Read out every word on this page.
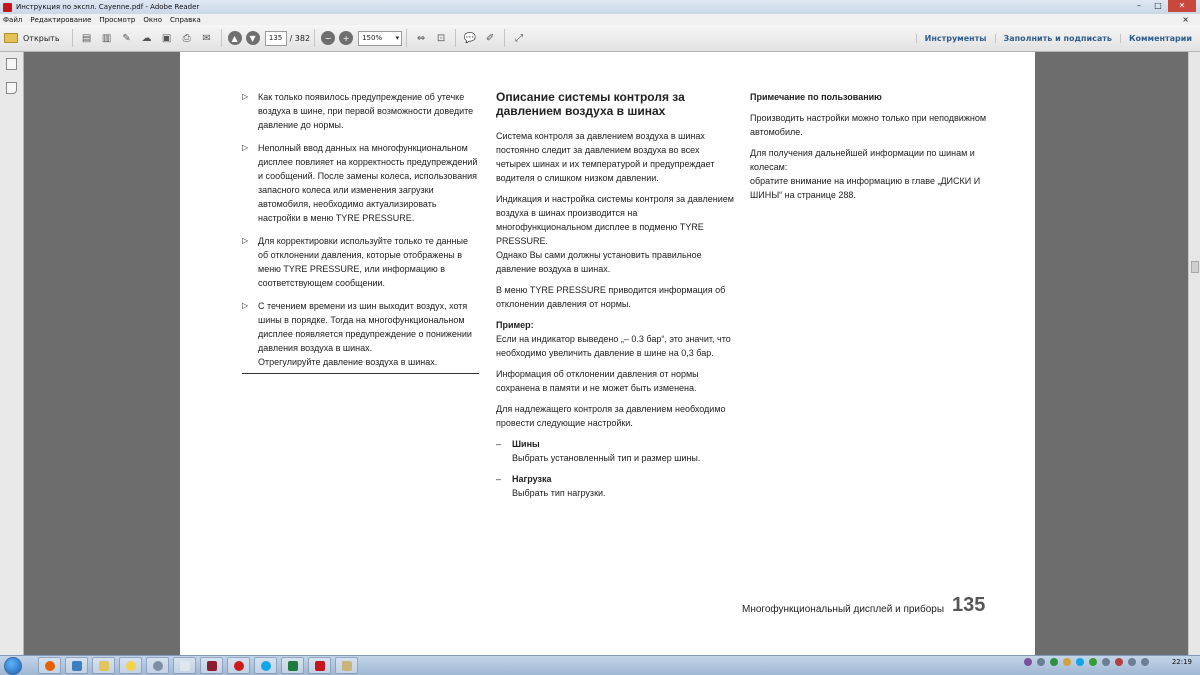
Инструкция по экспл. Cayenne.pdf - Adobe Reader	–	□	✕
Файл Редактирование Просмотр Окно Справка	×
Открыть	▤	▥	✎	☁	▣	⎙	✉	▲	▼	135 / 382	−	+	150% ▾	⇔	⊡	💬 ✐	⤢	Инструменты	Заполнить и подписать	Комментарии
▷ Как только появилось предупреждение об утечке воздуха в шине, при первой возможности доведите давление до нормы.

▷ Неполный ввод данных на многофункциональном дисплее повлияет на корректность предупреждений и сообщений. После замены колеса, использования запасного колеса или изменения загрузки автомобиля, необходимо актуализировать настройки в меню TYRE PRESSURE.

▷ Для корректировки используйте только те данные об отклонении давления, которые отображены в меню TYRE PRESSURE, или информацию в соответствующем сообщении.

▷ С течением времени из шин выходит воздух, хотя шины в порядке. Тогда на многофункциональном дисплее появляется предупреждение о понижении давления воздуха в шинах.

Отрегулируйте давление воздуха в шинах.

Описание системы контроля за давлением воздуха в шинах

Система контроля за давлением воздуха в шинах постоянно следит за давлением воздуха во всех четырех шинах и их температурой и предупреждает водителя о слишком низком давлении.

Индикация и настройка системы контроля за давлением воздуха в шинах производится на многофункциональном дисплее в подменю TYRE PRESSURE.

Однако Вы сами должны установить правильное давление воздуха в шинах.

В меню TYRE PRESSURE приводится информация об отклонении давления от нормы.

Пример:

Если на индикатор выведено „– 0.3 бар“, это значит, что необходимо увеличить давление в шине на 0,3 бар.

Информация об отклонении давления от нормы сохранена в памяти и не может быть изменена.

Для надлежащего контроля за давлением необходимо провести следующие настройки.

– Шины
Выбрать установленный тип и размер шины.
– Нагрузка
Выбрать тип нагрузки.

Примечание по пользованию

Производить настройки можно только при неподвижном автомобиле.

Для получения дальнейшей информации по шинам и колесам:

обратите внимание на информацию в главе „ДИСКИ И ШИНЫ“ на странице 288.

Многофункциональный дисплей и приборы 135
22:19
